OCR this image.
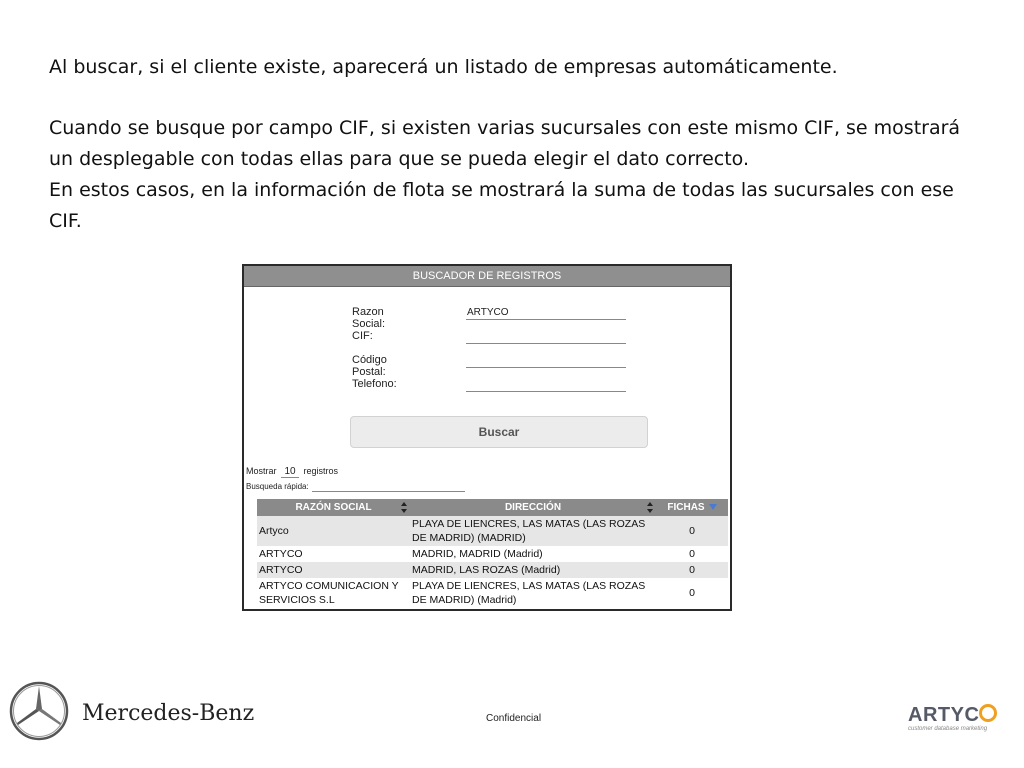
Al buscar, si el cliente existe, aparecerá un listado de empresas automáticamente.

Cuando se busque por campo CIF, si existen varias sucursales con este mismo CIF, se mostrará un desplegable con todas ellas para que se pueda elegir el dato correcto.

En estos casos, en la información de flota se mostrará la suma de todas las sucursales con ese CIF.

BUSCADOR DE REGISTROS
Razon Social:
ARTYCO
CIF:
Código Postal:
Telefono:
Buscar
Mostrar 10 registros
Busqueda rápida:
RAZÓN SOCIAL	DIRECCIÓN	FICHAS
Artyco	PLAYA DE LIENCRES, LAS MATAS (LAS ROZAS DE MADRID) (MADRID)	0
ARTYCO	MADRID, MADRID (Madrid)	0
ARTYCO	MADRID, LAS ROZAS (Madrid)	0
ARTYCO COMUNICACION Y SERVICIOS S.L	PLAYA DE LIENCRES, LAS MATAS (LAS ROZAS DE MADRID) (Madrid)	0
Mercedes-Benz	Confidencial	ARTYC
customer database marketing
